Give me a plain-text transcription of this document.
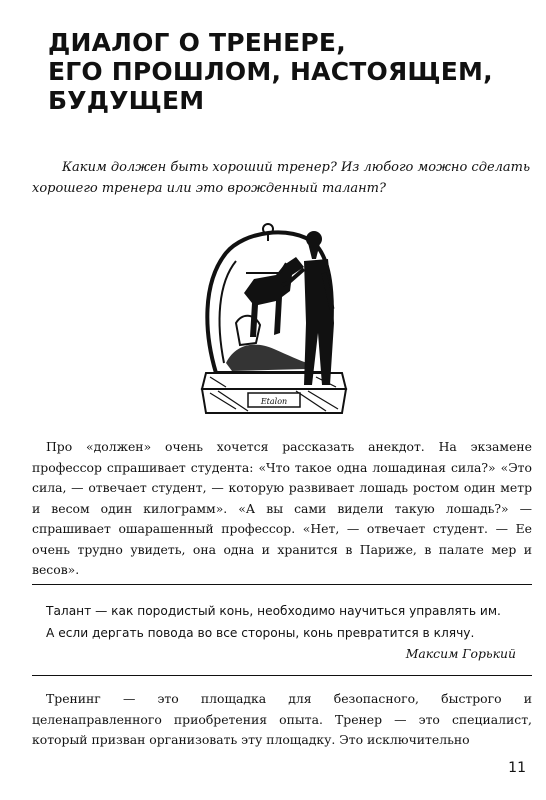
ДИАЛОГ О ТРЕНЕРЕ,
ЕГО ПРОШЛОМ, НАСТОЯЩЕМ,
БУДУЩЕМ

Каким должен быть хороший тренер? Из любого можно сделать хорошего тренера или это врожденный талант?

Etalon

Про «должен» очень хочется рассказать анекдот. На экзамене профессор спрашивает студента: «Что такое одна лошадиная сила?» «Это сила, — отвечает студент, — которую развивает лошадь ростом один метр и весом один килограмм». «А вы сами видели такую лошадь?» — спрашивает ошарашенный профессор. «Нет, — отвечает студент. — Ее очень трудно увидеть, она одна и хранится в Париже, в палате мер и весов».

Талант — как породистый конь, необходимо научиться управлять им.
А если дергать повода во все стороны, конь превратится в клячу.
Максим Горький

Тренинг — это площадка для безопасного, быстрого и целенаправленного приобретения опыта. Тренер — это специалист, который призван организовать эту площадку. Это исключительно

11
